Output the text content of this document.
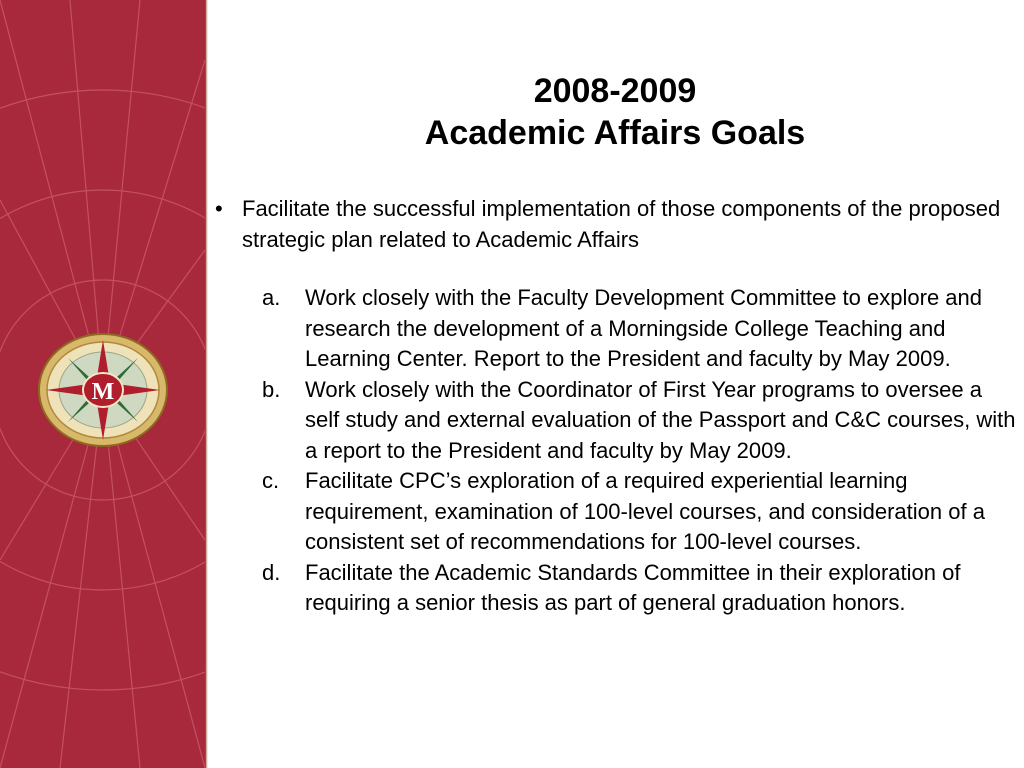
M
2008-2009
Academic Affairs Goals
• Facilitate the successful implementation of those components of the proposed strategic plan related to Academic Affairs
a. Work closely with the Faculty Development Committee to explore and research the development of a Morningside College Teaching and Learning Center. Report to the President and faculty by May 2009.
b. Work closely with the Coordinator of First Year programs to oversee a self study and external evaluation of the Passport and C&C courses, with a report to the President and faculty by May 2009.
c. Facilitate CPC’s exploration of a required experiential learning requirement, examination of 100-level courses, and consideration of a consistent set of recommendations for 100-level courses.
d. Facilitate the Academic Standards Committee in their exploration of requiring a senior thesis as part of general graduation honors.
